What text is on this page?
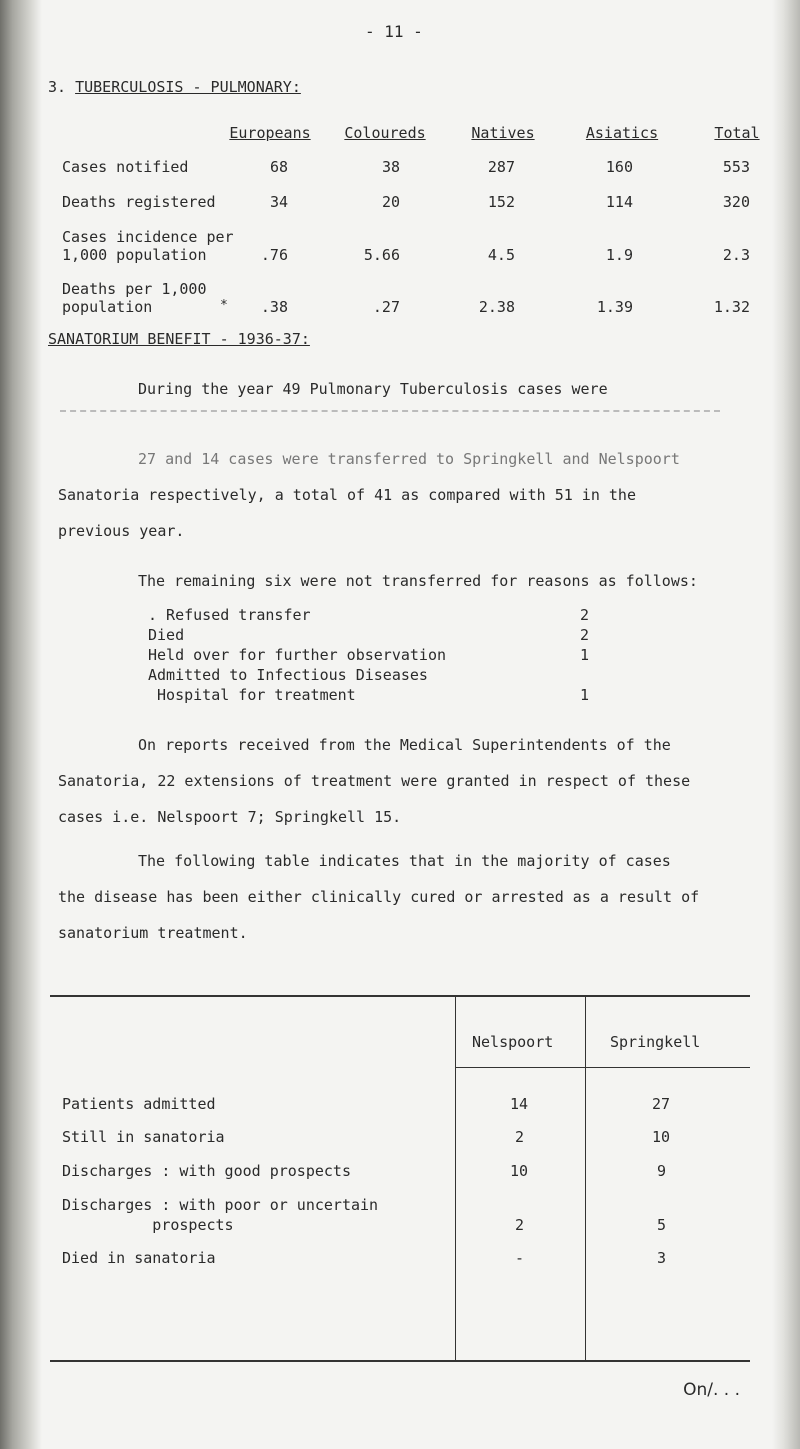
- 11 -
3. TUBERCULOSIS - PULMONARY:
Europeans	Coloureds	Natives	Asiatics	Total
Cases notified	68	38	287	160	553
Deaths registered	34	20	152	114	320
Cases incidence per
1,000 population	.76	5.66	4.5	1.9	2.3
Deaths per 1,000
population	*	.38	.27	2.38	1.39	1.32
SANATORIUM BENEFIT - 1936-37:
During the year 49 Pulmonary Tuberculosis cases were
27 and 14 cases were transferred to Springkell and Nelspoort
Sanatoria respectively, a total of 41 as compared with 51 in the
previous year.
The remaining six were not transferred for reasons as follows:
. Refused transfer	2
Died	2
Held over for further observation	1
Admitted to Infectious Diseases
Hospital for treatment	1
On reports received from the Medical Superintendents of the
Sanatoria, 22 extensions of treatment were granted in respect of these
cases i.e. Nelspoort 7; Springkell 15.
The following table indicates that in the majority of cases
the disease has been either clinically cured or arrested as a result of
sanatorium treatment.
Nelspoort	Springkell
Patients admitted	14	27
Still in sanatoria	2	10
Discharges : with good prospects	10	9
Discharges : with poor or uncertain
prospects	2	5
Died in sanatoria	-	3
On/. . .
